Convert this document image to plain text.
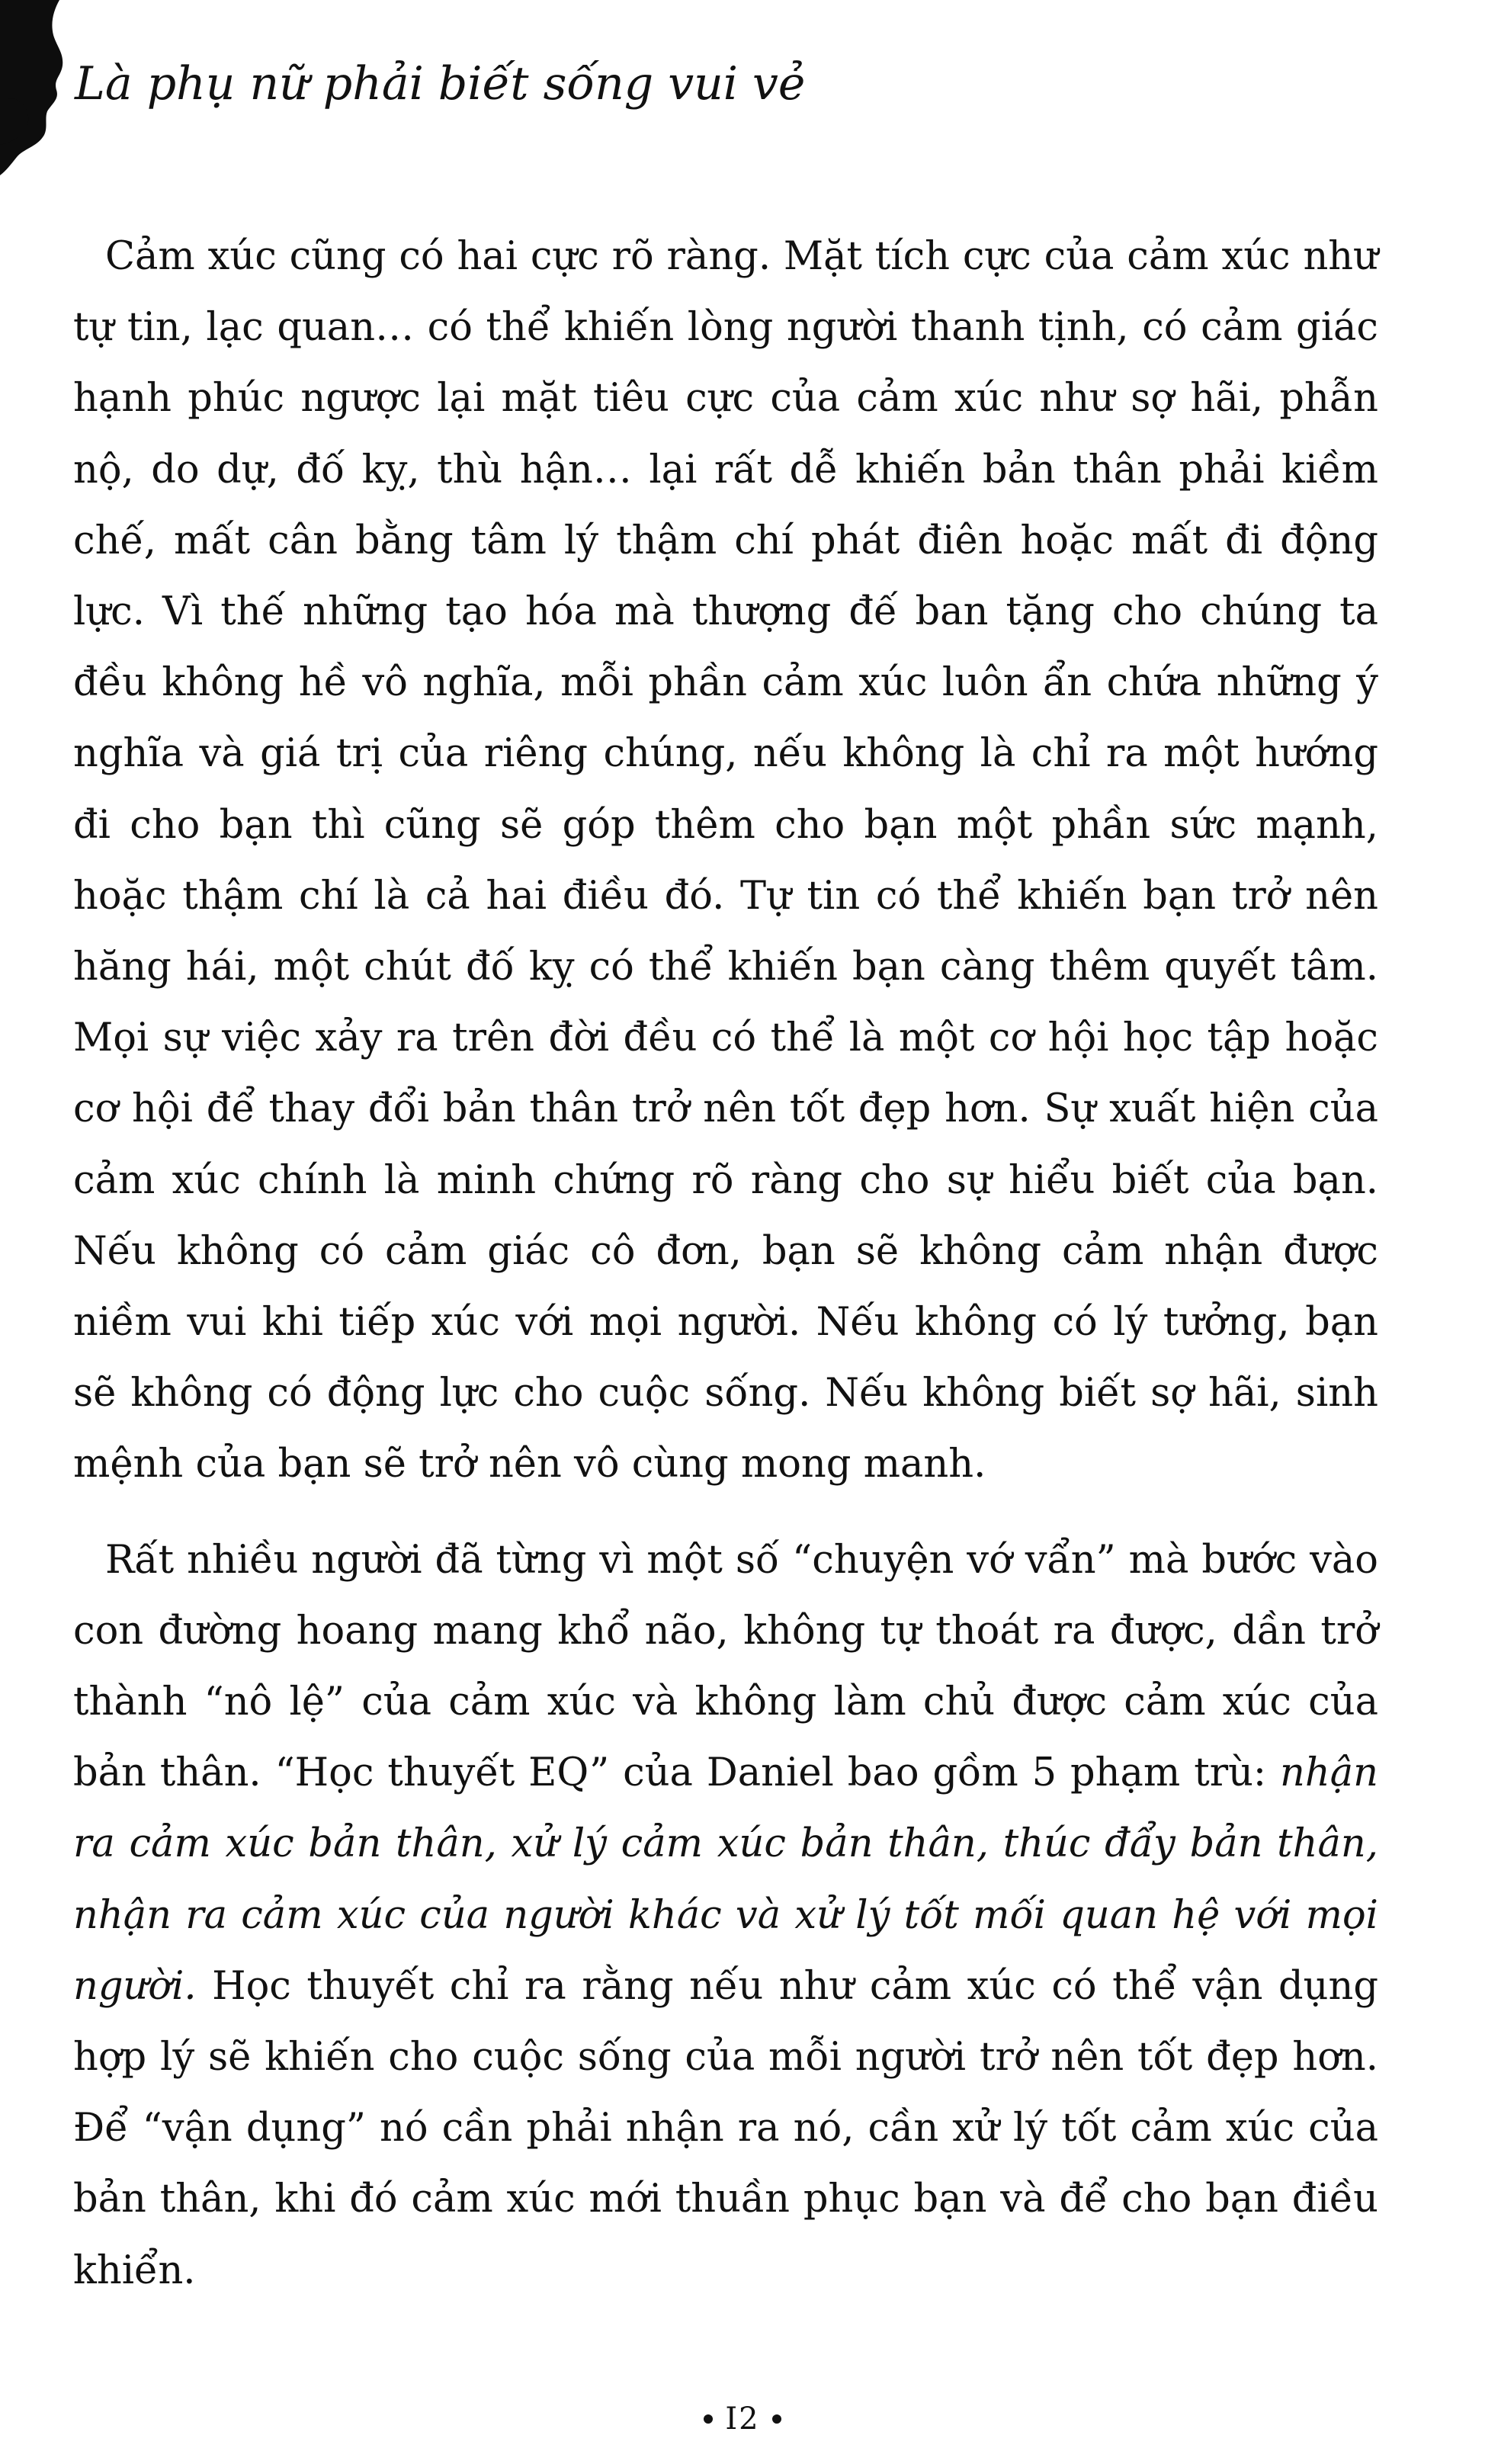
Là phụ nữ phải biết sống vui vẻ

Cảm xúc cũng có hai cực rõ ràng. Mặt tích cực của cảm xúc như tự tin, lạc quan… có thể khiến lòng người thanh tịnh, có cảm giác hạnh phúc ngược lại mặt tiêu cực của cảm xúc như sợ hãi, phẫn nộ, do dự, đố kỵ, thù hận… lại rất dễ khiến bản thân phải kiềm chế, mất cân bằng tâm lý thậm chí phát điên hoặc mất đi động lực. Vì thế những tạo hóa mà thượng đế ban tặng cho chúng ta đều không hề vô nghĩa, mỗi phần cảm xúc luôn ẩn chứa những ý nghĩa và giá trị của riêng chúng, nếu không là chỉ ra một hướng đi cho bạn thì cũng sẽ góp thêm cho bạn một phần sức mạnh, hoặc thậm chí là cả hai điều đó. Tự tin có thể khiến bạn trở nên hăng hái, một chút đố kỵ có thể khiến bạn càng thêm quyết tâm. Mọi sự việc xảy ra trên đời đều có thể là một cơ hội học tập hoặc cơ hội để thay đổi bản thân trở nên tốt đẹp hơn. Sự xuất hiện của cảm xúc chính là minh chứng rõ ràng cho sự hiểu biết của bạn. Nếu không có cảm giác cô đơn, bạn sẽ không cảm nhận được niềm vui khi tiếp xúc với mọi người. Nếu không có lý tưởng, bạn sẽ không có động lực cho cuộc sống. Nếu không biết sợ hãi, sinh mệnh của bạn sẽ trở nên vô cùng mong manh.

Rất nhiều người đã từng vì một số “chuyện vớ vẩn” mà bước vào con đường hoang mang khổ não, không tự thoát ra được, dần trở thành “nô lệ” của cảm xúc và không làm chủ được cảm xúc của bản thân. “Học thuyết EQ” của Daniel bao gồm 5 phạm trù: nhận ra cảm xúc bản thân, xử lý cảm xúc bản thân, thúc đẩy bản thân, nhận ra cảm xúc của người khác và xử lý tốt mối quan hệ với mọi người. Học thuyết chỉ ra rằng nếu như cảm xúc có thể vận dụng hợp lý sẽ khiến cho cuộc sống của mỗi người trở nên tốt đẹp hơn. Để “vận dụng” nó cần phải nhận ra nó, cần xử lý tốt cảm xúc của bản thân, khi đó cảm xúc mới thuần phục bạn và để cho bạn điều khiển.

I2
